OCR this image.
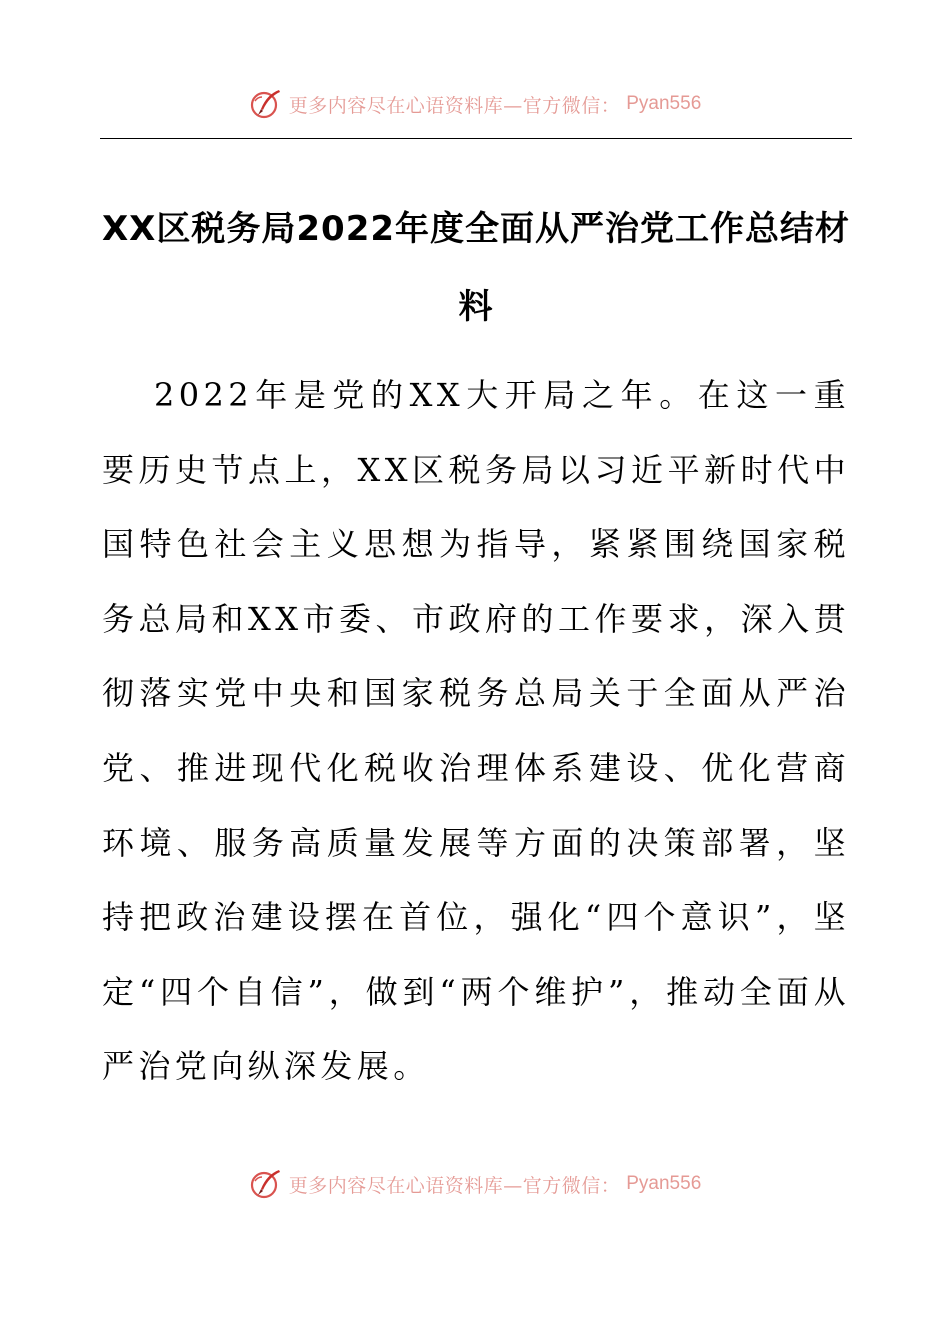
更多内容尽在心语资料库—官方微信： Pyan556
XX区税务局2022年度全面从严治党工作总结材料

2022年是党的XX大开局之年。在这一重要历史节点上，XX区税务局以习近平新时代中国特色社会主义思想为指导，紧紧围绕国家税务总局和XX市委、市政府的工作要求，深入贯彻落实党中央和国家税务总局关于全面从严治党、推进现代化税收治理体系建设、优化营商环境、服务高质量发展等方面的决策部署，坚持把政治建设摆在首位，强化“四个意识”，坚定“四个自信”，做到“两个维护”，推动全面从严治党向纵深发展。

更多内容尽在心语资料库—官方微信： Pyan556
